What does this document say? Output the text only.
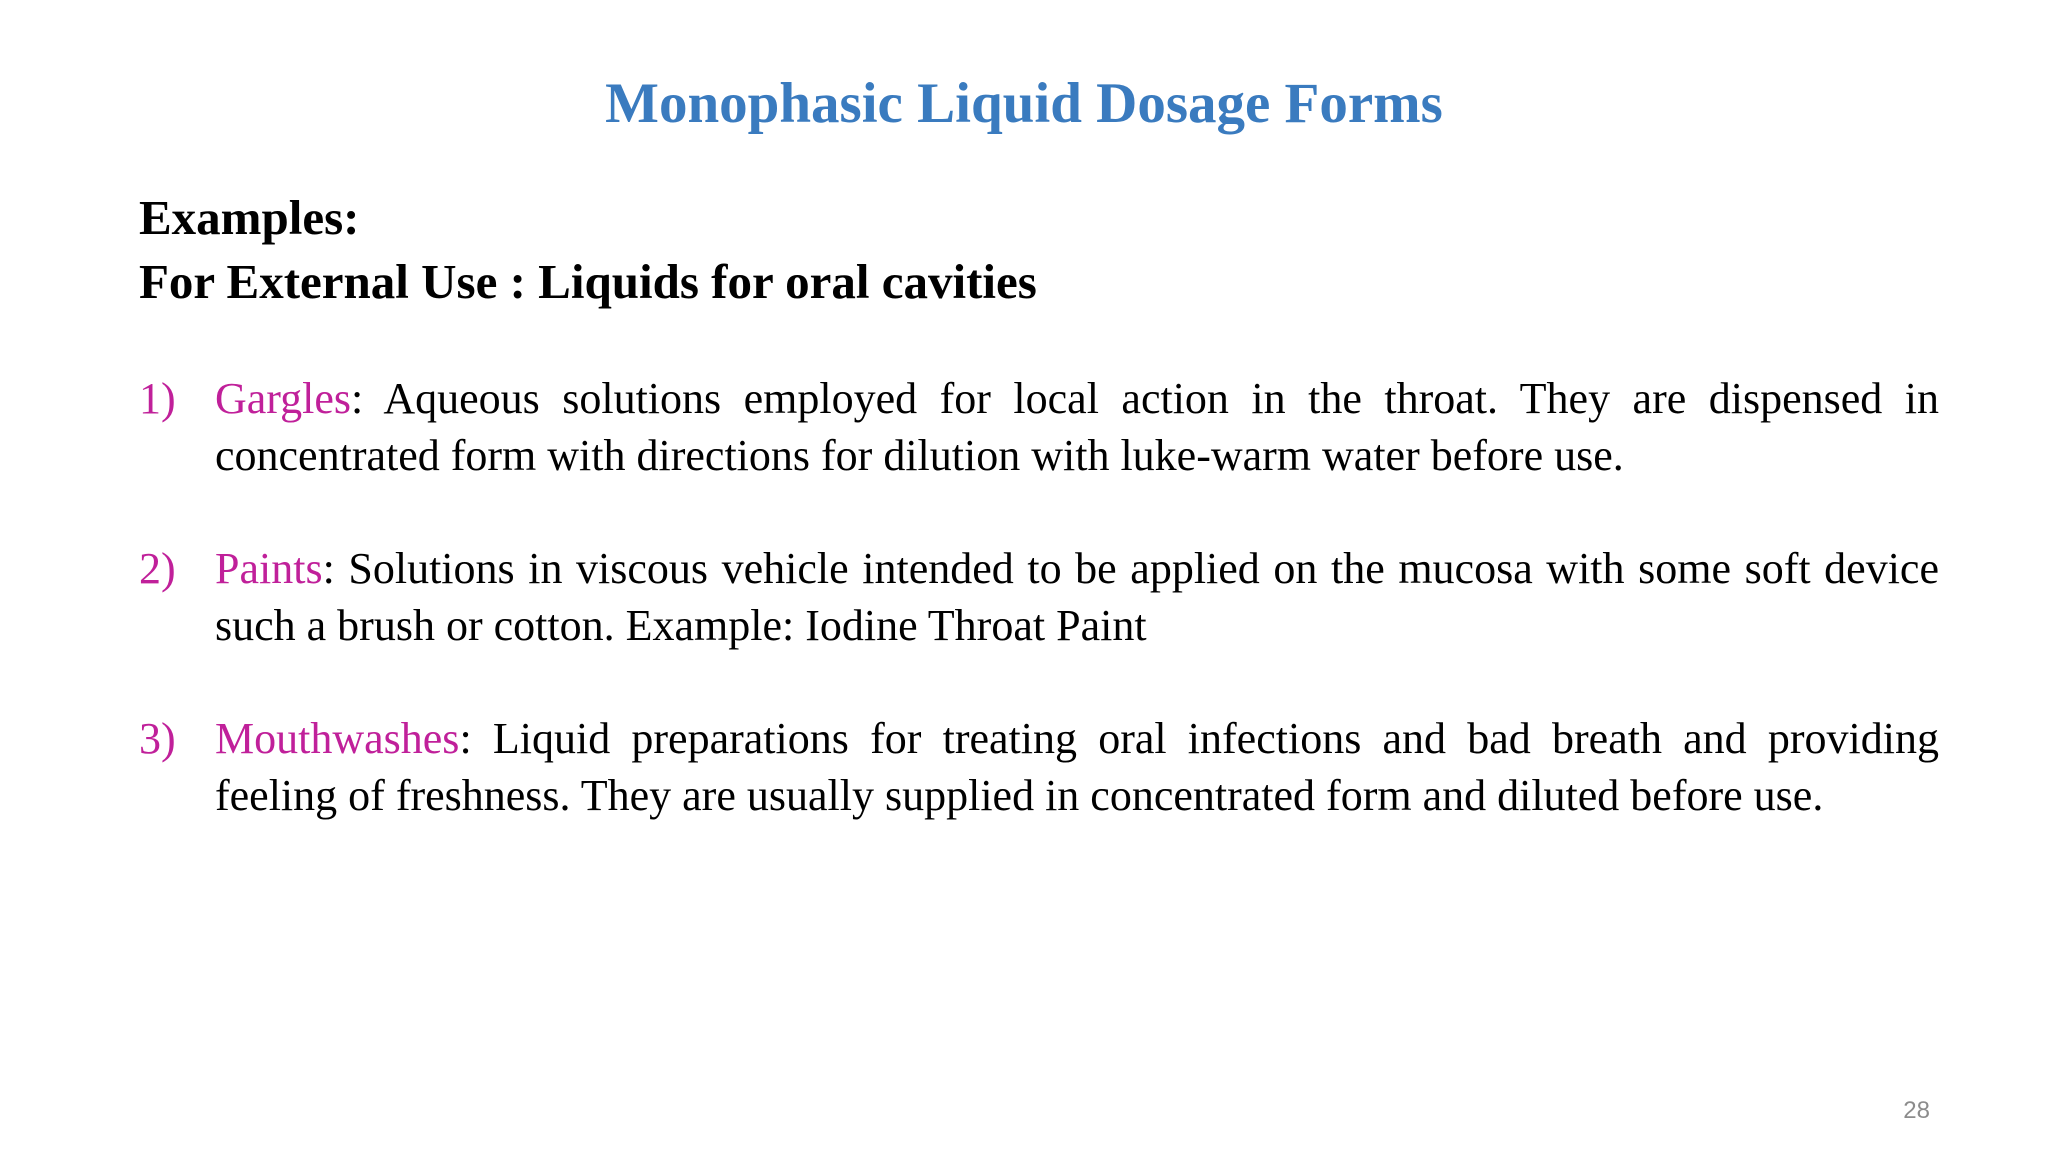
Monophasic Liquid Dosage Forms
Examples:
For External Use : Liquids for oral cavities
1) Gargles: Aqueous solutions employed for local action in the throat. They are dispensed in concentrated form with directions for dilution with luke-warm water before use.
2) Paints: Solutions in viscous vehicle intended to be applied on the mucosa with some soft device such a brush or cotton. Example: Iodine Throat Paint
3) Mouthwashes: Liquid preparations for treating oral infections and bad breath and providing feeling of freshness. They are usually supplied in concentrated form and diluted before use.
28
